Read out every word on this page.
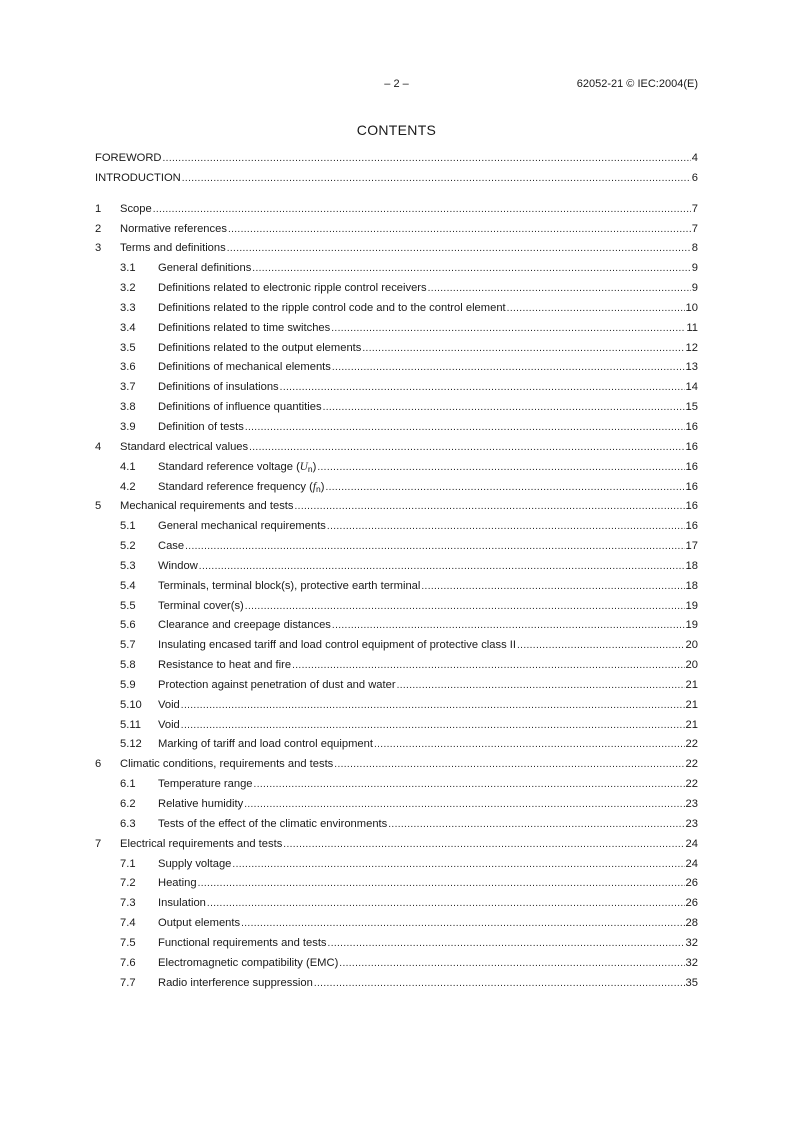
– 2 –	62052-21 © IEC:2004(E)
CONTENTS
FOREWORD . . .	4
INTRODUCTION . . .	6
1	Scope . . .	7
2	Normative references . . .	7
3	Terms and definitions . . .	8
3.1	General definitions . . .	9
3.2	Definitions related to electronic ripple control receivers . . .	9
3.3	Definitions related to the ripple control code and to the control element . . .	10
3.4	Definitions related to time switches . . .	11
3.5	Definitions related to the output elements . . .	12
3.6	Definitions of mechanical elements . . .	13
3.7	Definitions of insulations . . .	14
3.8	Definitions of influence quantities . . .	15
3.9	Definition of tests . . .	16
4	Standard electrical values . . .	16
4.1	Standard reference voltage (Un) . . .	16
4.2	Standard reference frequency (fn) . . .	16
5	Mechanical requirements and tests . . .	16
5.1	General mechanical requirements . . .	16
5.2	Case . . .	17
5.3	Window . . .	18
5.4	Terminals, terminal block(s), protective earth terminal . . .	18
5.5	Terminal cover(s) . . .	19
5.6	Clearance and creepage distances . . .	19
5.7	Insulating encased tariff and load control equipment of protective class II . . .	20
5.8	Resistance to heat and fire . . .	20
5.9	Protection against penetration of dust and water . . .	21
5.10	Void . . .	21
5.11	Void . . .	21
5.12	Marking of tariff and load control equipment . . .	22
6	Climatic conditions, requirements and tests . . .	22
6.1	Temperature range . . .	22
6.2	Relative humidity . . .	23
6.3	Tests of the effect of the climatic environments . . .	23
7	Electrical requirements and tests . . .	24
7.1	Supply voltage . . .	24
7.2	Heating . . .	26
7.3	Insulation . . .	26
7.4	Output elements . . .	28
7.5	Functional requirements and tests . . .	32
7.6	Electromagnetic compatibility (EMC) . . .	32
7.7	Radio interference suppression . . .	35
